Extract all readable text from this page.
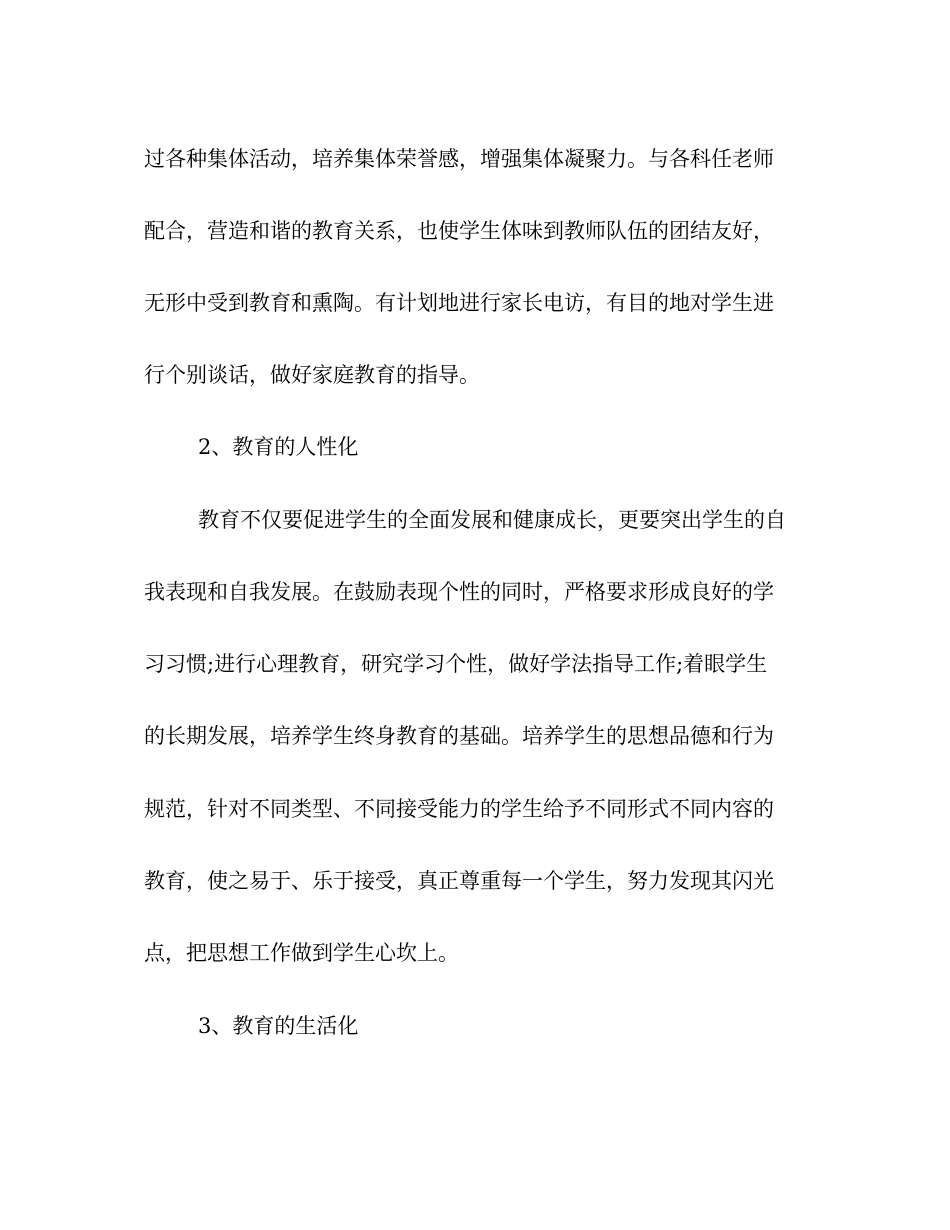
过各种集体活动，培养集体荣誉感，增强集体凝聚力。与各科任老师
配合，营造和谐的教育关系，也使学生体味到教师队伍的团结友好，
无形中受到教育和熏陶。有计划地进行家长电访，有目的地对学生进
行个别谈话，做好家庭教育的指导。
2、教育的人性化
教育不仅要促进学生的全面发展和健康成长，更要突出学生的自
我表现和自我发展。在鼓励表现个性的同时，严格要求形成良好的学
习习惯;进行心理教育，研究学习个性，做好学法指导工作;着眼学生
的长期发展，培养学生终身教育的基础。培养学生的思想品德和行为
规范，针对不同类型、不同接受能力的学生给予不同形式不同内容的
教育，使之易于、乐于接受，真正尊重每一个学生，努力发现其闪光
点，把思想工作做到学生心坎上。
3、教育的生活化
